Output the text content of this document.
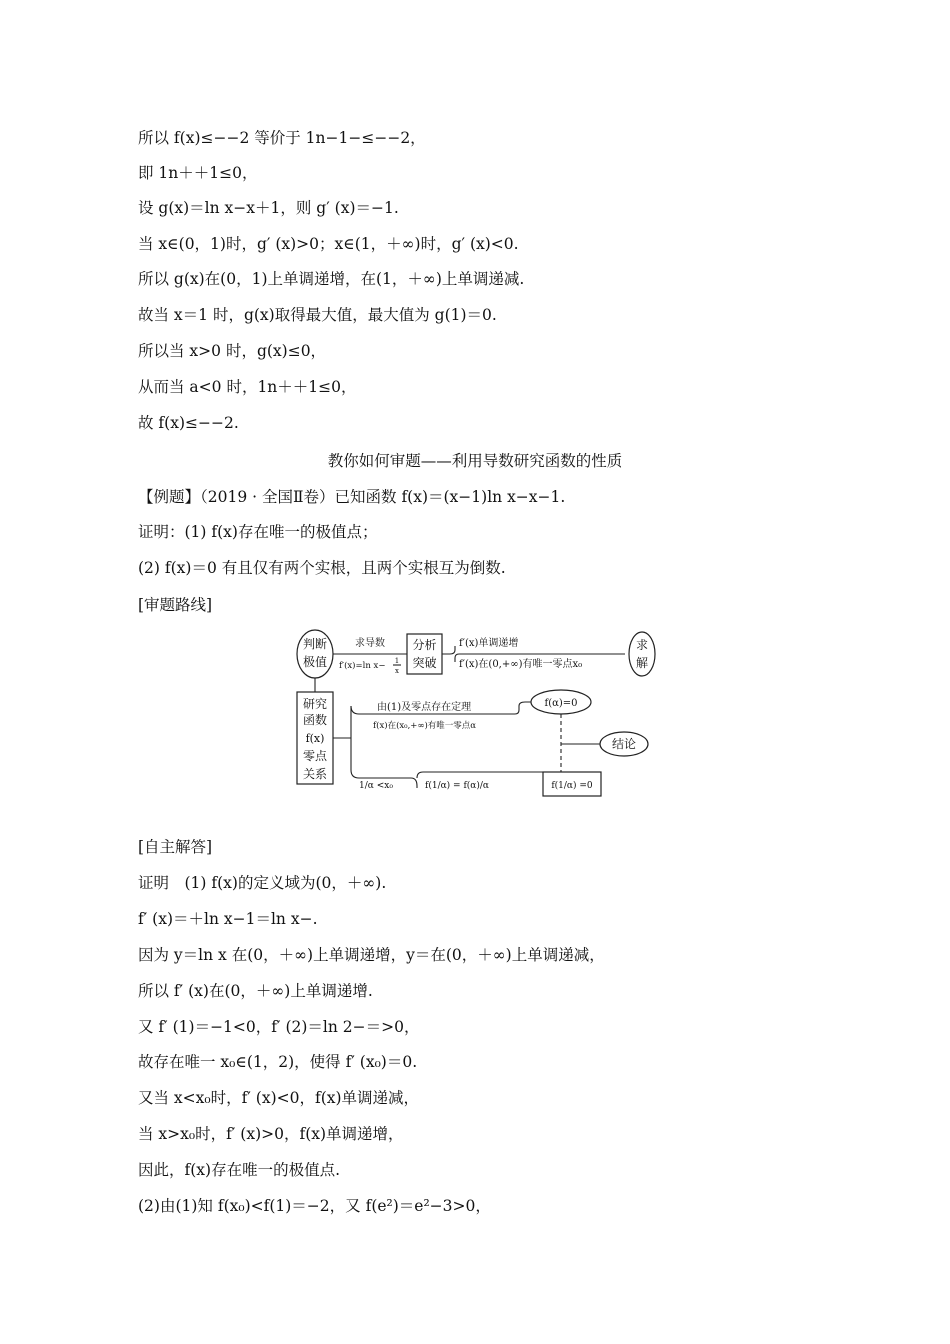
所以 f(x)≤−−2 等价于 1n−1−≤−−2，
即 1n＋＋1≤0，
设 g(x)＝ln x−x＋1，则 g′ (x)＝−1.
当 x∈(0，1)时，g′ (x)>0；x∈(1，＋∞)时，g′ (x)<0.
所以 g(x)在(0，1)上单调递增，在(1，＋∞)上单调递减.
故当 x＝1 时，g(x)取得最大值，最大值为 g(1)＝0.
所以当 x>0 时，g(x)≤0，
从而当 a<0 时，1n＋＋1≤0，
故 f(x)≤−−2.
教你如何审题——利用导数研究函数的性质
【例题】（2019 · 全国Ⅱ卷）已知函数 f(x)＝(x−1)ln x−x−1.
证明：(1) f(x)存在唯一的极值点；
(2) f(x)＝0 有且仅有两个实根，且两个实根互为倒数.
[审题路线]
判断
极值
求导数
f′(x)=ln x− 1
x
分析
突破
f′(x)单调递增
f′(x)在(0,+∞)有唯一零点x₀
求
解
研究
函数
f(x)
零点
关系
由(1)及零点存在定理
f(x)在(x₀,+∞)有唯一零点α
f(α)=0
结论
1/α <x₀	f(1/α) = f(α)/α	f(1/α) =0
[自主解答]
证明　(1) f(x)的定义域为(0，＋∞).
f′ (x)＝＋ln x−1＝ln x−.
因为 y＝ln x 在(0，＋∞)上单调递增，y＝在(0，＋∞)上单调递减，
所以 f′ (x)在(0，＋∞)上单调递增.
又 f′ (1)＝−1<0，f′ (2)＝ln 2−＝>0，
故存在唯一 x₀∈(1，2)，使得 f′ (x₀)＝0.
又当 x<x₀时，f′ (x)<0，f(x)单调递减，
当 x>x₀时，f′ (x)>0，f(x)单调递增，
因此，f(x)存在唯一的极值点.
(2)由(1)知 f(x₀)<f(1)＝−2，又 f(e²)＝e²−3>0，
